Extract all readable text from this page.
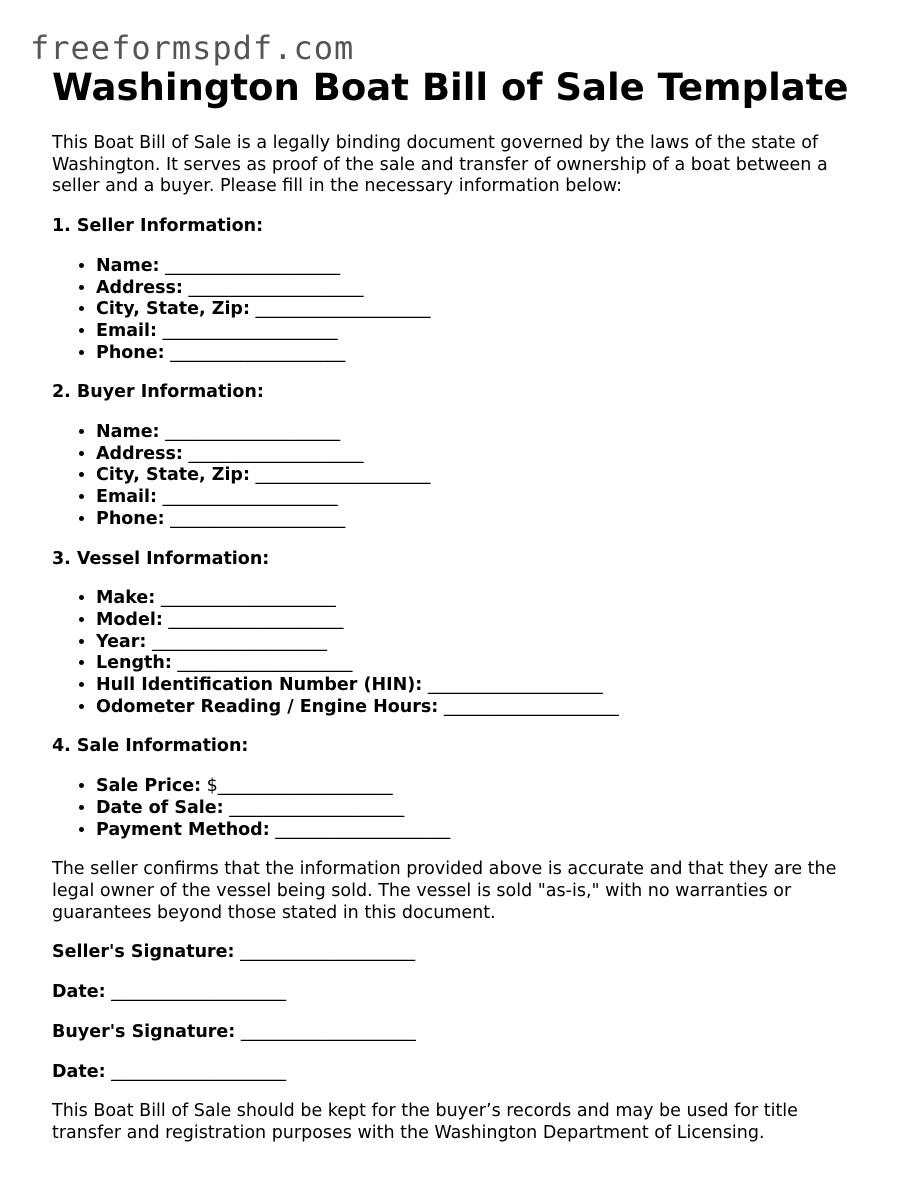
freeformspdf.com
Washington Boat Bill of Sale Template

This Boat Bill of Sale is a legally binding document governed by the laws of the state of Washington. It serves as proof of the sale and transfer of ownership of a boat between a seller and a buyer. Please fill in the necessary information below:

1. Seller Information:
• Name: ____________________
• Address: ____________________
• City, State, Zip: ____________________
• Email: ____________________
• Phone: ____________________
2. Buyer Information:
• Name: ____________________
• Address: ____________________
• City, State, Zip: ____________________
• Email: ____________________
• Phone: ____________________
3. Vessel Information:
• Make: ____________________
• Model: ____________________
• Year: ____________________
• Length: ____________________
• Hull Identification Number (HIN): ____________________
• Odometer Reading / Engine Hours: ____________________
4. Sale Information:
• Sale Price: $____________________
• Date of Sale: ____________________
• Payment Method: ____________________

The seller confirms that the information provided above is accurate and that they are the legal owner of the vessel being sold. The vessel is sold "as-is," with no warranties or guarantees beyond those stated in this document.

Seller's Signature: ____________________
Date: ____________________
Buyer's Signature: ____________________
Date: ____________________

This Boat Bill of Sale should be kept for the buyer’s records and may be used for title transfer and registration purposes with the Washington Department of Licensing.
